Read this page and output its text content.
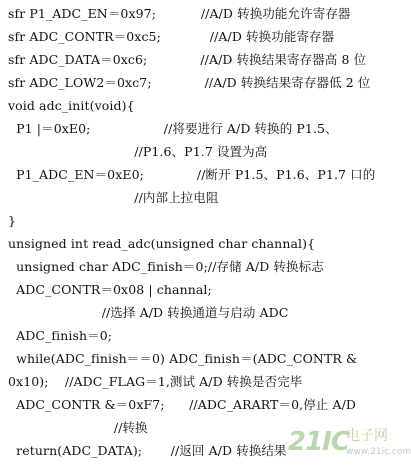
sfr P1_ADC_EN＝0x97;           //A/D 转换功能允许寄存器
sfr ADC_CONTR＝0xc5;            //A/D 转换功能寄存器
sfr ADC_DATA＝0xc6;             //A/D 转换结果寄存器高 8 位
sfr ADC_LOW2＝0xc7;             //A/D 转换结果寄存器低 2 位
void adc_init(void){
P1 |＝0xE0;                  //将要进行 A/D 转换的 P1.5、
//P1.6、P1.7 设置为高
P1_ADC_EN＝0xE0;             //断开 P1.5、P1.6、P1.7 口的
//内部上拉电阻
}
unsigned int read_adc(unsigned char channal){
unsigned char ADC_finish＝0;//存储 A/D 转换标志
ADC_CONTR＝0x08 | channal;
//选择 A/D 转换通道与启动 ADC
ADC_finish＝0;
while(ADC_finish＝＝0) ADC_finish＝(ADC_CONTR &
0x10);    //ADC_FLAG＝1,测试 A/D 转换是否完毕
ADC_CONTR &＝0xF7;      //ADC_ARART＝0,停止 A/D
//转换
return(ADC_DATA);       //返回 A/D 转换结果 21IC
电子网
www.21ic.com
